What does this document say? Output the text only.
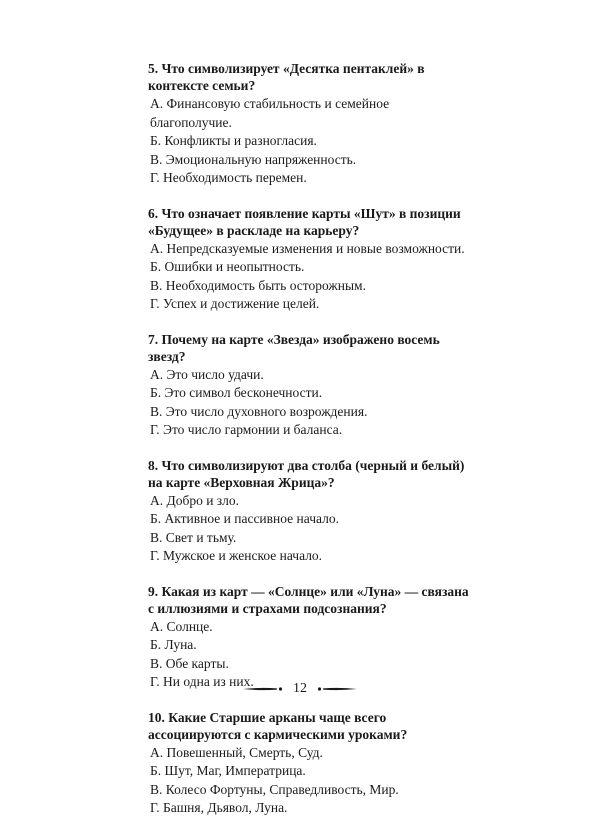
5. Что символизирует «Десятка пентаклей» в контексте семьи?

А. Финансовую стабильность и семейное благополучие.
Б. Конфликты и разногласия.
В. Эмоциональную напряженность.
Г. Необходимость перемен.

6. Что означает появление карты «Шут» в позиции «Будущее» в раскладе на карьеру?

А. Непредсказуемые изменения и новые возможности.
Б. Ошибки и неопытность.
В. Необходимость быть осторожным.
Г. Успех и достижение целей.

7. Почему на карте «Звезда» изображено восемь звезд?

А. Это число удачи.
Б. Это символ бесконечности.
В. Это число духовного возрождения.
Г. Это число гармонии и баланса.

8. Что символизируют два столба (черный и белый) на карте «Верховная Жрица»?

А. Добро и зло.
Б. Активное и пассивное начало.
В. Свет и тьму.
Г. Мужское и женское начало.

9. Какая из карт — «Солнце» или «Луна» — связана с иллюзиями и страхами подсознания?

А. Солнце.
Б. Луна.
В. Обе карты.
Г. Ни одна из них.

10. Какие Старшие арканы чаще всего ассоциируются с кармическими уроками?

А. Повешенный, Смерть, Суд.
Б. Шут, Маг, Императрица.
В. Колесо Фортуны, Справедливость, Мир.
Г. Башня, Дьявол, Луна.
12
